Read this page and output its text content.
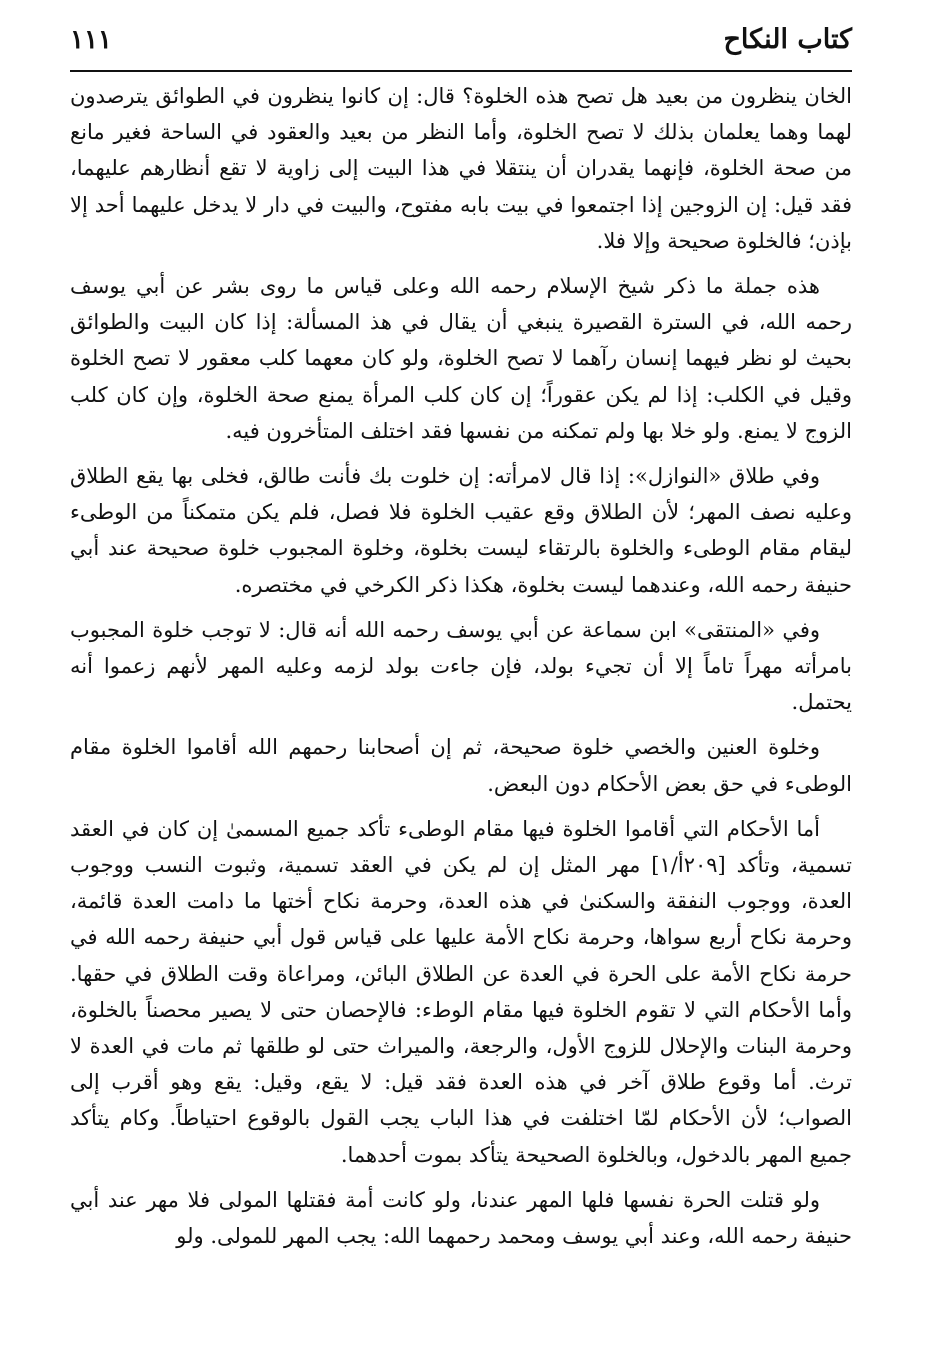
كتاب النكاح
١١١

الخان ينظرون من بعيد هل تصح هذه الخلوة؟ قال: إن كانوا ينظرون في الطوائق يترصدون لهما وهما يعلمان بذلك لا تصح الخلوة، وأما النظر من بعيد والعقود في الساحة فغير مانع من صحة الخلوة، فإنهما يقدران أن ينتقلا في هذا البيت إلى زاوية لا تقع أنظارهم عليهما، فقد قيل: إن الزوجين إذا اجتمعوا في بيت بابه مفتوح، والبيت في دار لا يدخل عليهما أحد إلا بإذن؛ فالخلوة صحيحة وإلا فلا.

هذه جملة ما ذكر شيخ الإسلام رحمه الله وعلى قياس ما روى بشر عن أبي يوسف رحمه الله، في السترة القصيرة ينبغي أن يقال في هذ المسألة: إذا كان البيت والطوائق بحيث لو نظر فيهما إنسان رآهما لا تصح الخلوة، ولو كان معهما كلب معقور لا تصح الخلوة وقيل في الكلب: إذا لم يكن عقوراً؛ إن كان كلب المرأة يمنع صحة الخلوة، وإن كان كلب الزوج لا يمنع. ولو خلا بها ولم تمكنه من نفسها فقد اختلف المتأخرون فيه.

وفي طلاق «النوازل»: إذا قال لامرأته: إن خلوت بك فأنت طالق، فخلى بها يقع الطلاق وعليه نصف المهر؛ لأن الطلاق وقع عقيب الخلوة فلا فصل، فلم يكن متمكناً من الوطىء ليقام مقام الوطىء والخلوة بالرتقاء ليست بخلوة، وخلوة المجبوب خلوة صحيحة عند أبي حنيفة رحمه الله، وعندهما ليست بخلوة، هكذا ذكر الكرخي في مختصره.

وفي «المنتقى» ابن سماعة عن أبي يوسف رحمه الله أنه قال: لا توجب خلوة المجبوب بامرأته مهراً تاماً إلا أن تجيء بولد، فإن جاءت بولد لزمه وعليه المهر لأنهم زعموا أنه يحتمل.

وخلوة العنين والخصي خلوة صحيحة، ثم إن أصحابنا رحمهم الله أقاموا الخلوة مقام الوطىء في حق بعض الأحكام دون البعض.

أما الأحكام التي أقاموا الخلوة فيها مقام الوطىء تأكد جميع المسمىٰ إن كان في العقد تسمية، وتأكد [٢٠٩أ/١] مهر المثل إن لم يكن في العقد تسمية، وثبوت النسب ووجوب العدة، ووجوب النفقة والسكنىٰ في هذه العدة، وحرمة نكاح أختها ما دامت العدة قائمة، وحرمة نكاح أربع سواها، وحرمة نكاح الأمة عليها على قياس قول أبي حنيفة رحمه الله في حرمة نكاح الأمة على الحرة في العدة عن الطلاق البائن، ومراعاة وقت الطلاق في حقها. وأما الأحكام التي لا تقوم الخلوة فيها مقام الوطء: فالإحصان حتى لا يصير محصناً بالخلوة، وحرمة البنات والإحلال للزوج الأول، والرجعة، والميراث حتى لو طلقها ثم مات في العدة لا ترث. أما وقوع طلاق آخر في هذه العدة فقد قيل: لا يقع، وقيل: يقع وهو أقرب إلى الصواب؛ لأن الأحكام لمّا اختلفت في هذا الباب يجب القول بالوقوع احتياطاً. وكام يتأكد جميع المهر بالدخول، وبالخلوة الصحيحة يتأكد بموت أحدهما.

ولو قتلت الحرة نفسها فلها المهر عندنا، ولو كانت أمة فقتلها المولى فلا مهر عند أبي حنيفة رحمه الله، وعند أبي يوسف ومحمد رحمهما الله: يجب المهر للمولى. ولو
